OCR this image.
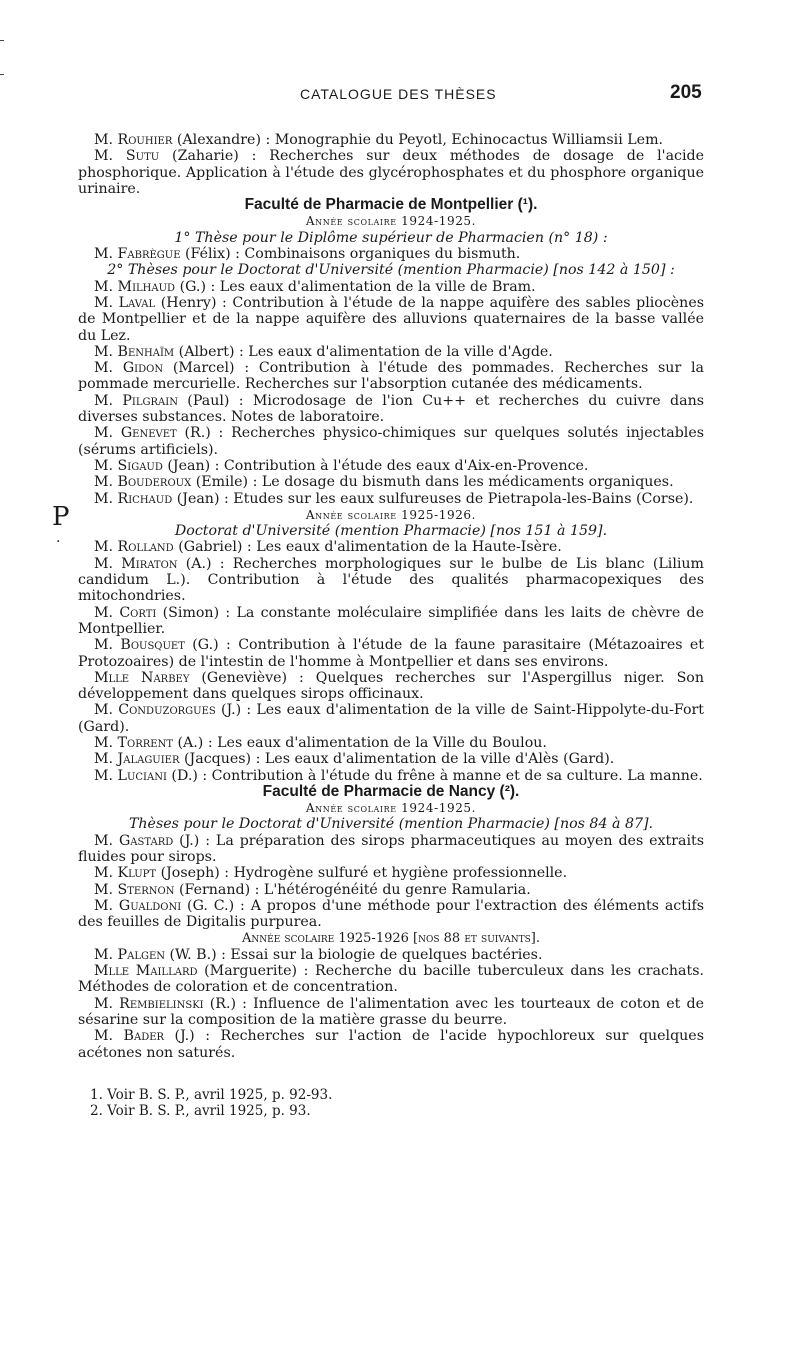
CATALOGUE DES THÈSES	205
P
·

M. Rouhier (Alexandre) : Monographie du Peyotl, Echinocactus Williamsii Lem.

M. Sutu (Zaharie) : Recherches sur deux méthodes de dosage de l'acide phosphorique. Application à l'étude des glycérophosphates et du phosphore organique urinaire.

Faculté de Pharmacie de Montpellier (¹).

Année scolaire 1924-1925.

1° Thèse pour le Diplôme supérieur de Pharmacien (n° 18) :

M. Fabrègue (Félix) : Combinaisons organiques du bismuth.

2° Thèses pour le Doctorat d'Université (mention Pharmacie) [nos 142 à 150] :

M. Milhaud (G.) : Les eaux d'alimentation de la ville de Bram.

M. Laval (Henry) : Contribution à l'étude de la nappe aquifère des sables pliocènes de Montpellier et de la nappe aquifère des alluvions quaternaires de la basse vallée du Lez.

M. Benhaïm (Albert) : Les eaux d'alimentation de la ville d'Agde.

M. Gidon (Marcel) : Contribution à l'étude des pommades. Recherches sur la pommade mercurielle. Recherches sur l'absorption cutanée des médicaments.

M. Pilgrain (Paul) : Microdosage de l'ion Cu++ et recherches du cuivre dans diverses substances. Notes de laboratoire.

M. Genevet (R.) : Recherches physico-chimiques sur quelques solutés injectables (sérums artificiels).

M. Sigaud (Jean) : Contribution à l'étude des eaux d'Aix-en-Provence.

M. Bouderoux (Emile) : Le dosage du bismuth dans les médicaments organiques.

M. Richaud (Jean) : Etudes sur les eaux sulfureuses de Pietrapola-les-Bains (Corse).

Année scolaire 1925-1926.

Doctorat d'Université (mention Pharmacie) [nos 151 à 159].

M. Rolland (Gabriel) : Les eaux d'alimentation de la Haute-Isère.

M. Miraton (A.) : Recherches morphologiques sur le bulbe de Lis blanc (Lilium candidum L.). Contribution à l'étude des qualités pharmacopexiques des mitochondries.

M. Corti (Simon) : La constante moléculaire simplifiée dans les laits de chèvre de Montpellier.

M. Bousquet (G.) : Contribution à l'étude de la faune parasitaire (Métazoaires et Protozoaires) de l'intestin de l'homme à Montpellier et dans ses environs.

Mlle Narbey (Geneviève) : Quelques recherches sur l'Aspergillus niger. Son développement dans quelques sirops officinaux.

M. Conduzorgues (J.) : Les eaux d'alimentation de la ville de Saint-Hippolyte-du-Fort (Gard).

M. Torrent (A.) : Les eaux d'alimentation de la Ville du Boulou.

M. Jalaguier (Jacques) : Les eaux d'alimentation de la ville d'Alès (Gard).

M. Luciani (D.) : Contribution à l'étude du frêne à manne et de sa culture. La manne.

Faculté de Pharmacie de Nancy (²).

Année scolaire 1924-1925.

Thèses pour le Doctorat d'Université (mention Pharmacie) [nos 84 à 87].

M. Gastard (J.) : La préparation des sirops pharmaceutiques au moyen des extraits fluides pour sirops.

M. Klupt (Joseph) : Hydrogène sulfuré et hygiène professionnelle.

M. Sternon (Fernand) : L'hétérogénéité du genre Ramularia.

M. Gualdoni (G. C.) : A propos d'une méthode pour l'extraction des éléments actifs des feuilles de Digitalis purpurea.

Année scolaire 1925-1926 [nos 88 et suivants].

M. Palgen (W. B.) : Essai sur la biologie de quelques bactéries.

Mlle Maillard (Marguerite) : Recherche du bacille tuberculeux dans les crachats. Méthodes de coloration et de concentration.

M. Rembielinski (R.) : Influence de l'alimentation avec les tourteaux de coton et de sésarine sur la composition de la matière grasse du beurre.

M. Bader (J.) : Recherches sur l'action de l'acide hypochloreux sur quelques acétones non saturés.

1. Voir B. S. P., avril 1925, p. 92-93.

2. Voir B. S. P., avril 1925, p. 93.
